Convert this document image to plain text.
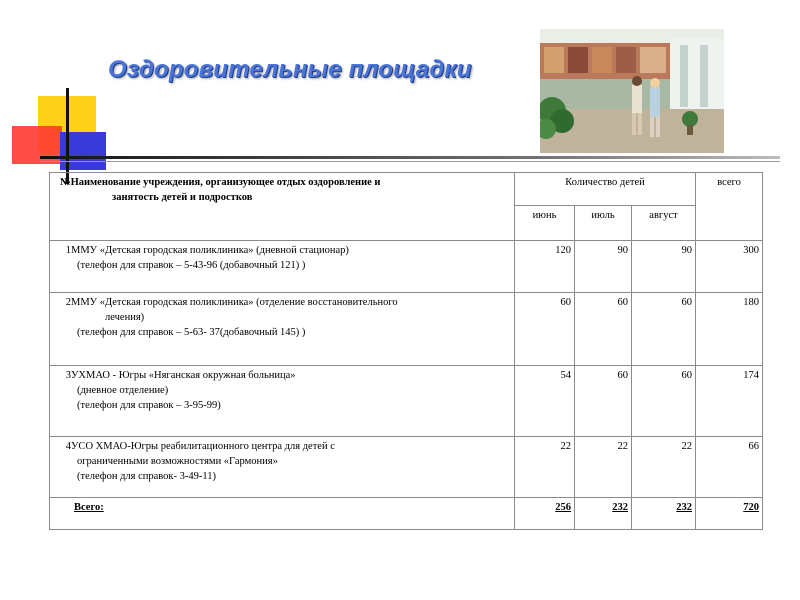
Оздоровительные площадки
№Наименование учреждения, организующее отдых оздоровление и
занятость детей и подростков	Количество детей			всего
	июнь	июль	август	
1ММУ «Детская городская поликлиника» (дневной стационар)
(телефон для справок – 5-43-96 (добавочный 121) )	120	90	90	300
2ММУ «Детская городская поликлиника» (отделение восстановительного
лечения)
(телефон для справок – 5-63- 37(добавочный 145) )	60	60	60	180
3УХМАО - Югры «Няганская окружная больница»
(дневное отделение)
(телефон для справок – 3-95-99)	54	60	60	174
4УСО ХМАО-Югры реабилитационного центра для детей с
ограниченными возможностями «Гармония»
(телефон для справок- 3-49-11)	22	22	22	66
Всего:	256	232	232	720
